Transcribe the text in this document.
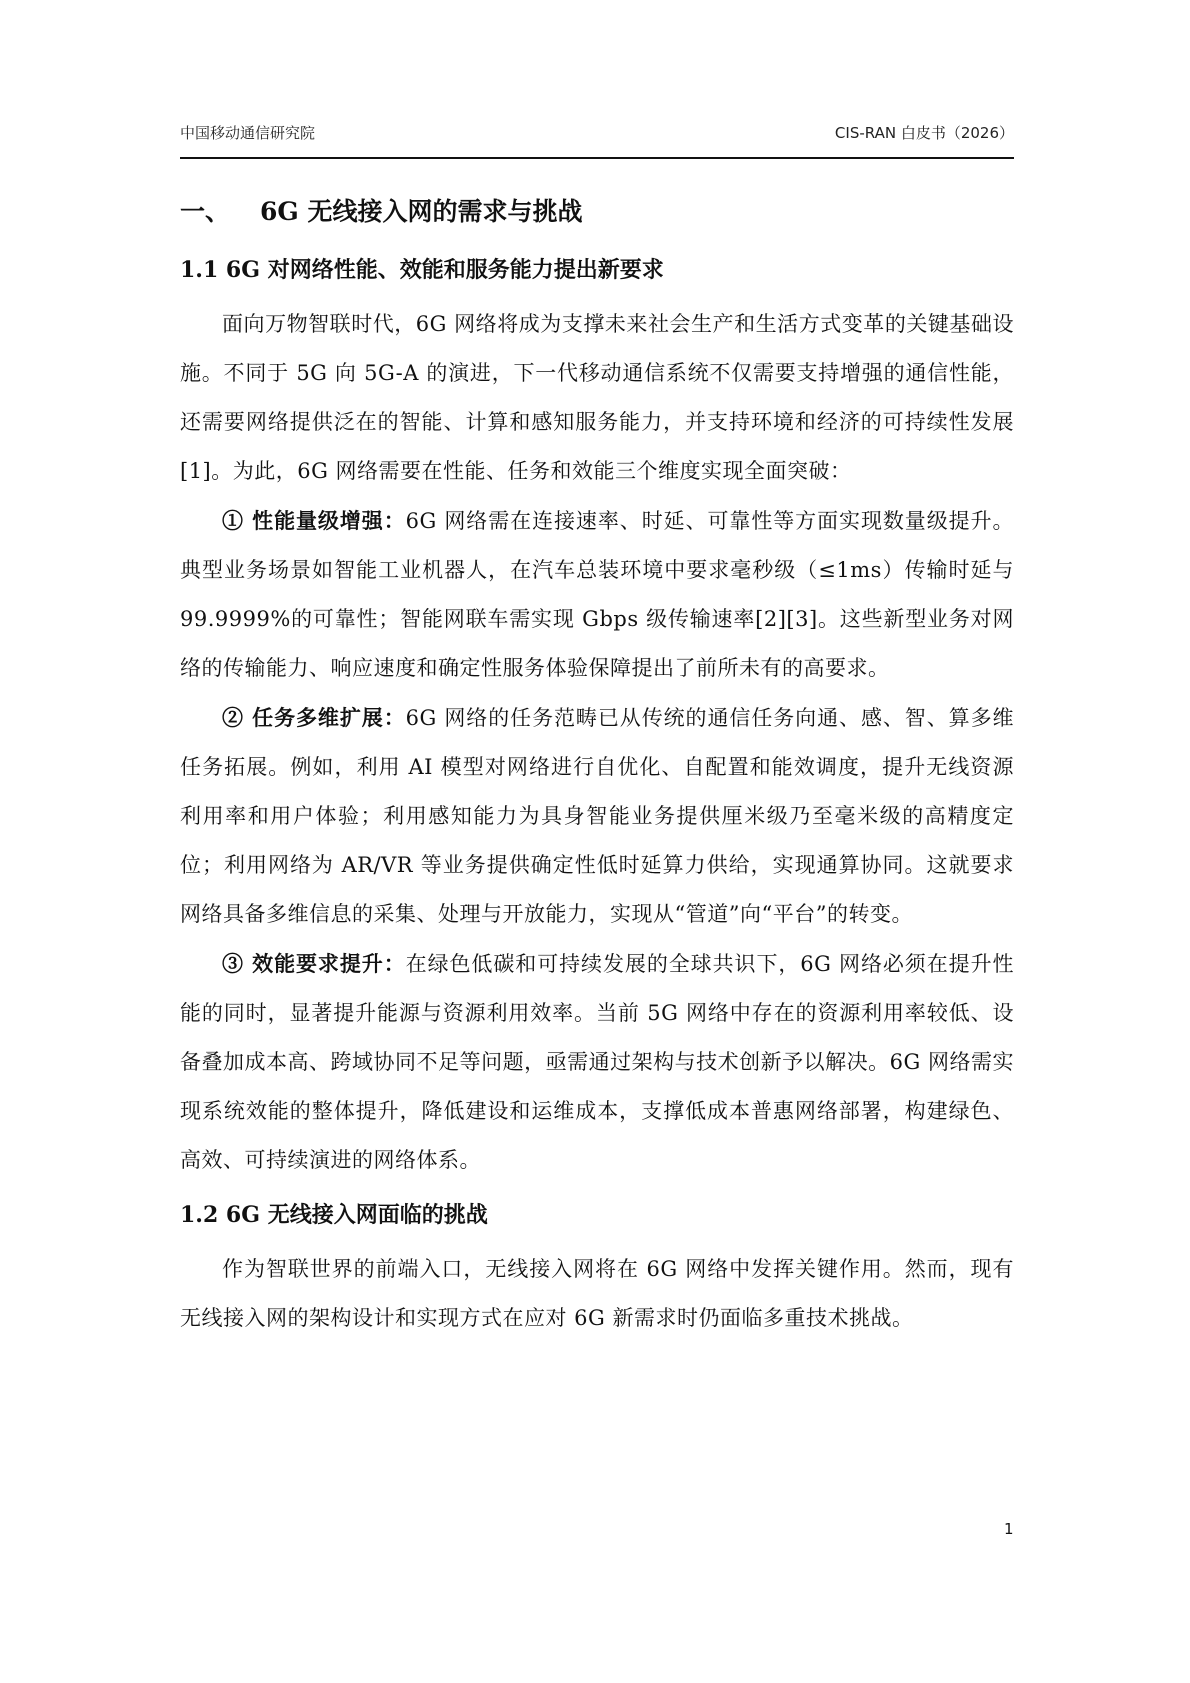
中国移动通信研究院	CIS-RAN 白皮书（2026）
一、 6G 无线接入网的需求与挑战
1.1 6G 对网络性能、效能和服务能力提出新要求

面向万物智联时代，6G 网络将成为支撑未来社会生产和生活方式变革的关键基础设施。不同于 5G 向 5G-A 的演进，下一代移动通信系统不仅需要支持增强的通信性能，还需要网络提供泛在的智能、计算和感知服务能力，并支持环境和经济的可持续性发展[1]。为此，6G 网络需要在性能、任务和效能三个维度实现全面突破：

① 性能量级增强：6G 网络需在连接速率、时延、可靠性等方面实现数量级提升。典型业务场景如智能工业机器人，在汽车总装环境中要求毫秒级（≤1ms）传输时延与 99.9999%的可靠性；智能网联车需实现 Gbps 级传输速率[2][3]。这些新型业务对网络的传输能力、响应速度和确定性服务体验保障提出了前所未有的高要求。

② 任务多维扩展：6G 网络的任务范畴已从传统的通信任务向通、感、智、算多维任务拓展。例如，利用 AI 模型对网络进行自优化、自配置和能效调度，提升无线资源利用率和用户体验；利用感知能力为具身智能业务提供厘米级乃至毫米级的高精度定位；利用网络为 AR/VR 等业务提供确定性低时延算力供给，实现通算协同。这就要求网络具备多维信息的采集、处理与开放能力，实现从“管道”向“平台”的转变。

③ 效能要求提升：在绿色低碳和可持续发展的全球共识下，6G 网络必须在提升性能的同时，显著提升能源与资源利用效率。当前 5G 网络中存在的资源利用率较低、设备叠加成本高、跨域协同不足等问题，亟需通过架构与技术创新予以解决。6G 网络需实现系统效能的整体提升，降低建设和运维成本，支撑低成本普惠网络部署，构建绿色、高效、可持续演进的网络体系。

1.2 6G 无线接入网面临的挑战

作为智联世界的前端入口，无线接入网将在 6G 网络中发挥关键作用。然而，现有无线接入网的架构设计和实现方式在应对 6G 新需求时仍面临多重技术挑战。

1
